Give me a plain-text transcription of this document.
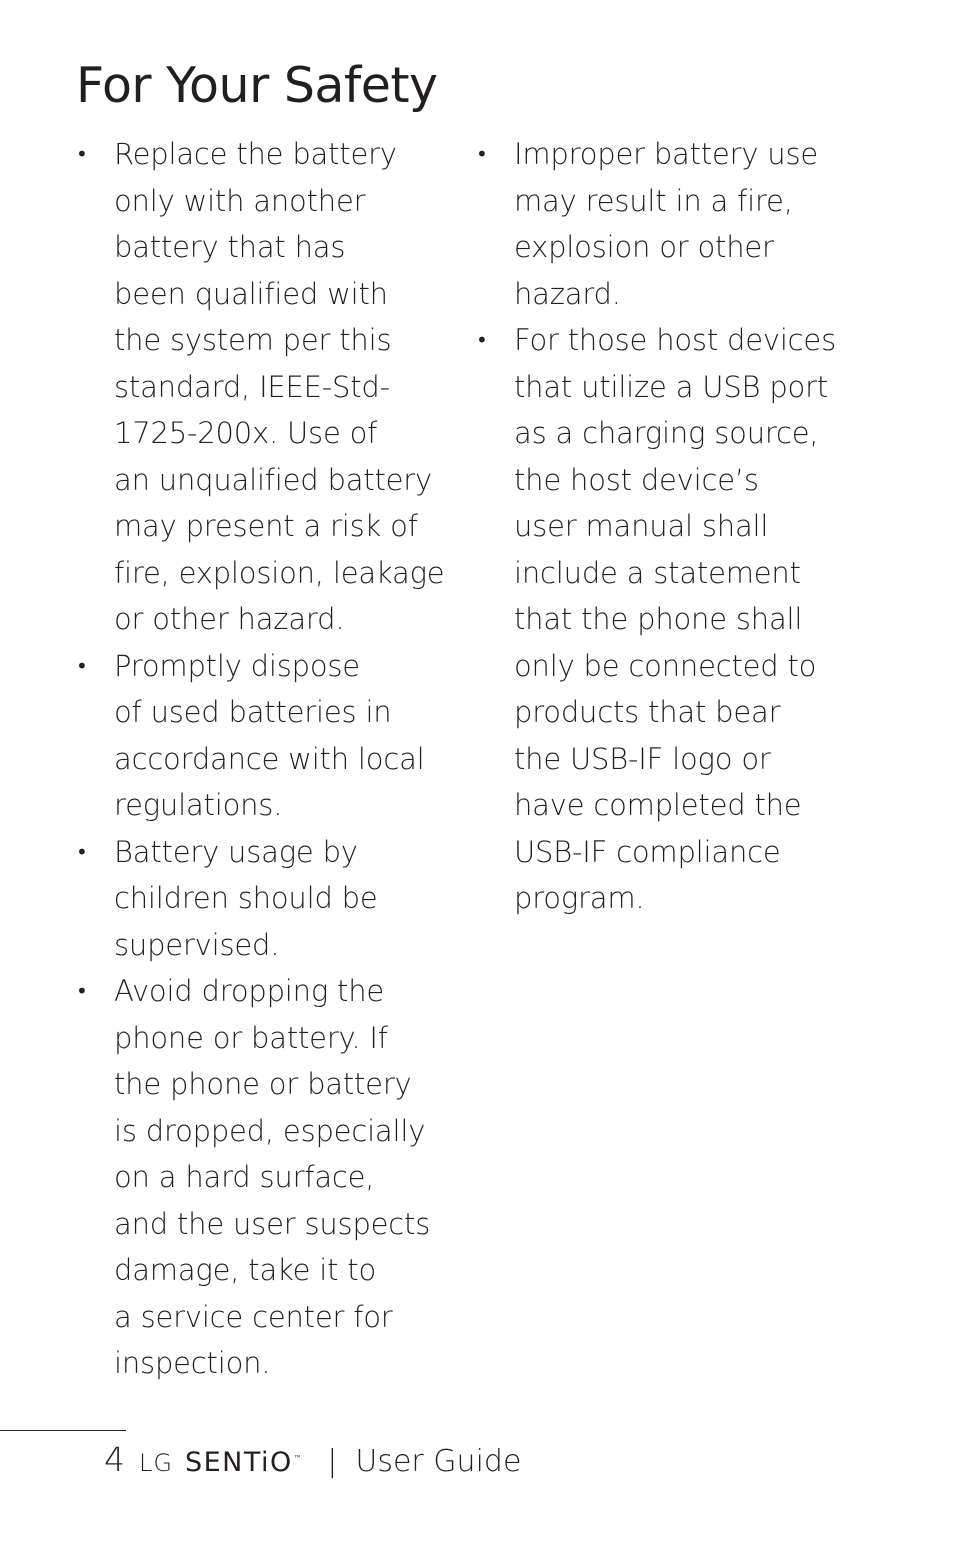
For Your Safety
• Replace the battery
only with another
battery that has
been qualified with
the system per this
standard, IEEE-Std-
1725-200x. Use of
an unqualified battery
may present a risk of
fire, explosion, leakage
or other hazard.
• Promptly dispose
of used batteries in
accordance with local
regulations.
• Battery usage by
children should be
supervised.
• Avoid dropping the
phone or battery. If
the phone or battery
is dropped, especially
on a hard surface,
and the user suspects
damage, take it to
a service center for
inspection.
• Improper battery use
may result in a fire,
explosion or other
hazard.
• For those host devices
that utilize a USB port
as a charging source,
the host device’s
user manual shall
include a statement
that the phone shall
only be connected to
products that bear
the USB-IF logo or
have completed the
USB-IF compliance
program.
4 LG SENTiO™ | User Guide
